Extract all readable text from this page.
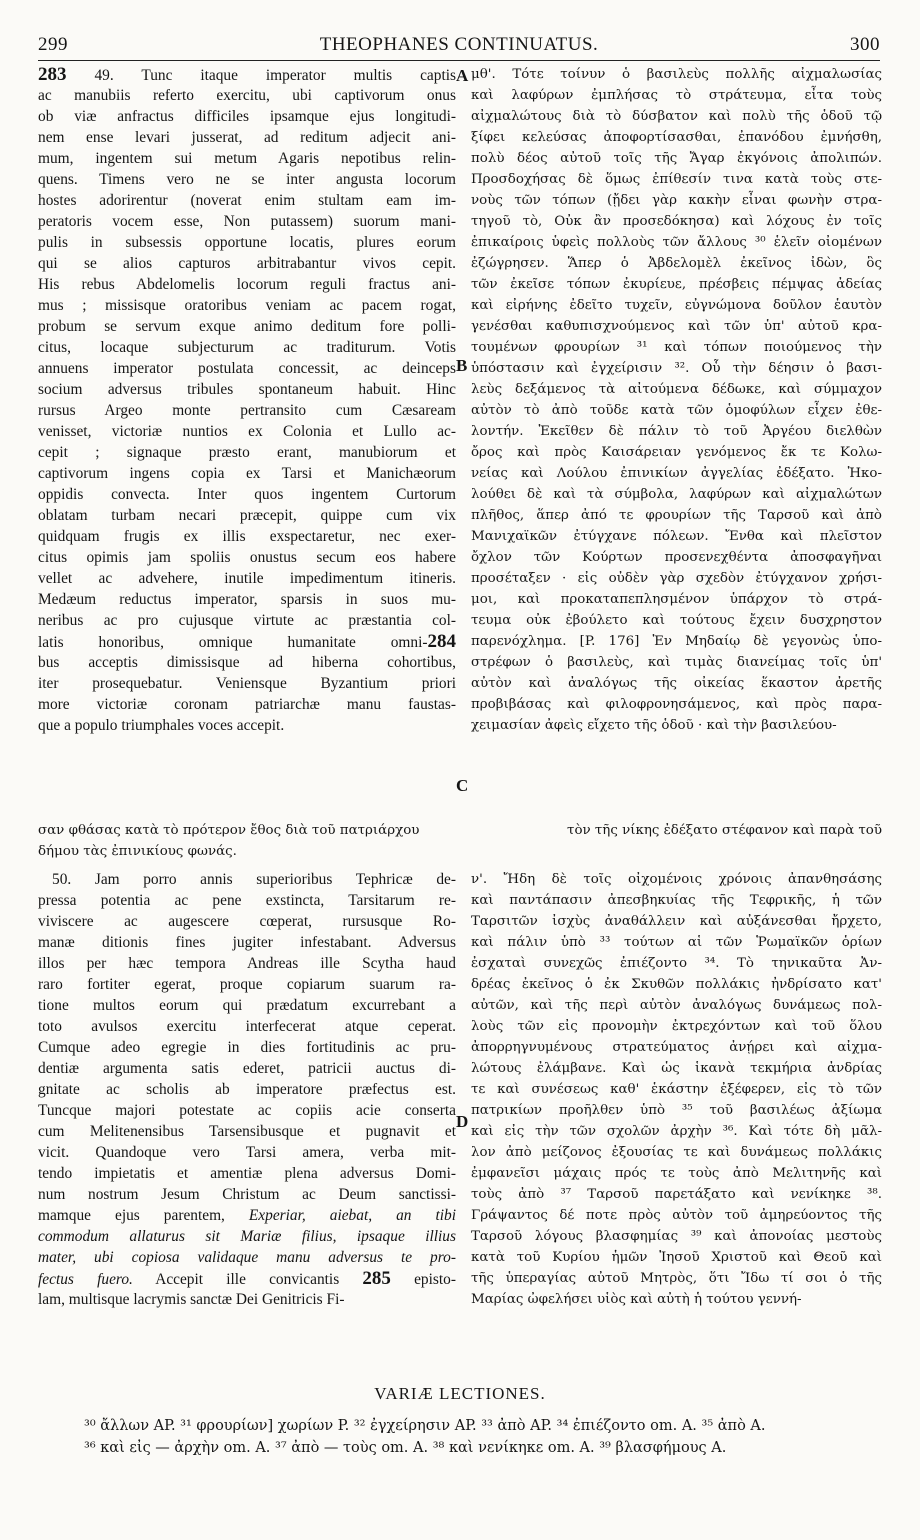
299	THEOPHANES CONTINUATUS.	300
283 49. Tunc itaque imperator multis captis
ac manubiis referto exercitu, ubi captivorum onus
ob viæ anfractus difficiles ipsamque ejus longitudi-
nem ense levari jusserat, ad reditum adjecit ani-
mum, ingentem sui metum Agaris nepotibus relin-
quens. Timens vero ne se inter angusta locorum
hostes adorirentur (noverat enim stultam eam im-
peratoris vocem esse, Non putassem) suorum mani-
pulis in subsessis opportune locatis, plures eorum
qui se alios capturos arbitrabantur vivos cepit.
His rebus Abdelomelis locorum reguli fractus ani-
mus ; missisque oratoribus veniam ac pacem rogat,
probum se servum exque animo deditum fore polli-
citus, locaque subjecturum ac traditurum. Votis
annuens imperator postulata concessit, ac deinceps
socium adversus tribules spontaneum habuit. Hinc
rursus Argeo monte pertransito cum Cæsaream
venisset, victoriæ nuntios ex Colonia et Lullo ac-
cepit ; signaque præsto erant, manubiorum et
captivorum ingens copia ex Tarsi et Manichæorum
oppidis convecta. Inter quos ingentem Curtorum
oblatam turbam necari præcepit, quippe cum vix
quidquam frugis ex illis exspectaretur, nec exer-
citus opimis jam spoliis onustus secum eos habere
vellet ac advehere, inutile impedimentum itineris.
Medæum reductus imperator, sparsis in suos mu-
neribus ac pro cujusque virtute ac præstantia col-
latis honoribus, omnique humanitate omni-284
bus acceptis dimissisque ad hiberna cohortibus,
iter prosequebatur. Veniensque Byzantium priori
more victoriæ coronam patriarchæ manu faustas-
que a populo triumphales voces accepit.
μθ'. Τότε τοίνυν ὁ βασιλεὺς πολλῆς αἰχμαλωσίας
καὶ λαφύρων ἐμπλήσας τὸ στράτευμα, εἶτα τοὺς
αἰχμαλώτους διὰ τὸ δύσβατον καὶ πολὺ τῆς ὁδοῦ τῷ
ξίφει κελεύσας ἀποφορτίσασθαι, ἐπανόδου ἐμνήσθη,
πολὺ δέος αὐτοῦ τοῖς τῆς Ἄγαρ ἐκγόνοις ἀπολιπών.
Προσδοχήσας δὲ ὅμως ἐπίθεσίν τινα κατὰ τοὺς στε-
νοὺς τῶν τόπων (ᾔδει γὰρ κακὴν εἶναι φωνὴν στρα-
τηγοῦ τὸ, Οὐκ ἂν προσεδόκησα) καὶ λόχους ἐν τοῖς
ἐπικαίροις ὑφεὶς πολλοὺς τῶν ἄλλους ³⁰ ἑλεῖν οἰομένων
ἐζώγρησεν. Ἅπερ ὁ Ἀβδελομὲλ ἐκεῖνος ἰδὼν, ὃς
τῶν ἐκεῖσε τόπων ἐκυρίευε, πρέσβεις πέμψας ἀδείας
καὶ εἰρήνης ἐδεῖτο τυχεῖν, εὐγνώμονα δοῦλον ἑαυτὸν
γενέσθαι καθυπισχνούμενος καὶ τῶν ὑπ' αὐτοῦ κρα-
τουμένων φρουρίων ³¹ καὶ τόπων ποιούμενος τὴν
ὑπόστασιν καὶ ἐγχείρισιν ³². Οὗ τὴν δέησιν ὁ βασι-
λεὺς δεξάμενος τὰ αἰτούμενα δέδωκε, καὶ σύμμαχον
αὐτὸν τὸ ἀπὸ τοῦδε κατὰ τῶν ὁμοφύλων εἶχεν ἐθε-
λοντήν. Ἐκεῖθεν δὲ πάλιν τὸ τοῦ Ἀργέου διελθὼν
ὄρος καὶ πρὸς Καισάρειαν γενόμενος ἔκ τε Κολω-
νείας καὶ Λούλου ἐπινικίων ἀγγελίας ἐδέξατο. Ἠκο-
λούθει δὲ καὶ τὰ σύμβολα, λαφύρων καὶ αἰχμαλώτων
πλῆθος, ἅπερ ἀπό τε φρουρίων τῆς Ταρσοῦ καὶ ἀπὸ
Μανιχαϊκῶν ἐτύγχανε πόλεων. Ἔνθα καὶ πλεῖστον
ὄχλον τῶν Κούρτων προσενεχθέντα ἀποσφαγῆναι
προσέταξεν · εἰς οὐδὲν γὰρ σχεδὸν ἐτύγχανον χρήσι-
μοι, καὶ προκαταπεπλησμένον ὑπάρχον τὸ στρά-
τευμα οὐκ ἐβούλετο καὶ τούτους ἔχειν δυσχρηστον
παρενόχλημα. [P. 176] Ἐν Μηδαίῳ δὲ γεγονὼς ὑπο-
στρέφων ὁ βασιλεὺς, καὶ τιμὰς διανείμας τοῖς ὑπ'
αὐτὸν καὶ ἀναλόγως τῆς οἰκείας ἕκαστον ἀρετῆς
προβιβάσας καὶ φιλοφρονησάμενος, καὶ πρὸς παρα-
χειμασίαν ἀφεὶς εἴχετο τῆς ὁδοῦ · καὶ τὴν βασιλεύου-
A
B
C
D
σαν φθάσας κατὰ τὸ πρότερον ἔθος διὰ τοῦ πατριάρχου	τὸν τῆς νίκης ἐδέξατο στέφανον καὶ παρὰ τοῦ
δήμου τὰς ἐπινικίους φωνάς.
50. Jam porro annis superioribus Tephricæ de-
pressa potentia ac pene exstincta, Tarsitarum re-
viviscere ac augescere cœperat, rursusque Ro-
manæ ditionis fines jugiter infestabant. Adversus
illos per hæc tempora Andreas ille Scytha haud
raro fortiter egerat, proque copiarum suarum ra-
tione multos eorum qui prædatum excurrebant a
toto avulsos exercitu interfecerat atque ceperat.
Cumque adeo egregie in dies fortitudinis ac pru-
dentiæ argumenta satis ederet, patricii auctus di-
gnitate ac scholis ab imperatore præfectus est.
Tuncque majori potestate ac copiis acie conserta
cum Melitenensibus Tarsensibusque et pugnavit et
vicit. Quandoque vero Tarsi amera, verba mit-
tendo impietatis et amentiæ plena adversus Domi-
num nostrum Jesum Christum ac Deum sanctissi-
mamque ejus parentem, Experiar, aiebat, an tibi
commodum allaturus sit Mariæ filius, ipsaque illius
mater, ubi copiosa validaque manu adversus te pro-
fectus fuero. Accepit ille convicantis 285 episto-
lam, multisque lacrymis sanctæ Dei Genitricis Fi-
ν'. Ἤδη δὲ τοῖς οἰχομένοις χρόνοις ἀπανθησάσης
καὶ παντάπασιν ἀπεσβηκυίας τῆς Τεφρικῆς, ἡ τῶν
Ταρσιτῶν ἰσχὺς ἀναθάλλειν καὶ αὐξάνεσθαι ἤρχετο,
καὶ πάλιν ὑπὸ ³³ τούτων αἱ τῶν Ῥωμαϊκῶν ὁρίων
ἐσχαταὶ συνεχῶς ἐπιέζοντο ³⁴. Τὸ τηνικαῦτα Ἀν-
δρέας ἐκεῖνος ὁ ἐκ Σκυθῶν πολλάκις ἠνδρίσατο κατ'
αὐτῶν, καὶ τῆς περὶ αὐτὸν ἀναλόγως δυνάμεως πολ-
λοὺς τῶν εἰς προνομὴν ἐκτρεχόντων καὶ τοῦ ὅλου
ἀπορρηγνυμένους στρατεύματος ἀνῄρει καὶ αἰχμα-
λώτους ἐλάμβανε. Καὶ ὡς ἱκανὰ τεκμήρια ἀνδρίας
τε καὶ συνέσεως καθ' ἑκάστην ἐξέφερεν, εἰς τὸ τῶν
πατρικίων προῆλθεν ὑπὸ ³⁵ τοῦ βασιλέως ἀξίωμα
καὶ εἰς τὴν τῶν σχολῶν ἀρχὴν ³⁶. Καὶ τότε δὴ μᾶλ-
λον ἀπὸ μείζονος ἐξουσίας τε καὶ δυνάμεως πολλάκις
ἐμφανεῖσι μάχαις πρός τε τοὺς ἀπὸ Μελιτηνῆς καὶ
τοὺς ἀπὸ ³⁷ Ταρσοῦ παρετάξατο καὶ νενίκηκε ³⁸.
Γράψαντος δέ ποτε πρὸς αὐτὸν τοῦ ἀμηρεύοντος τῆς
Ταρσοῦ λόγους βλασφημίας ³⁹ καὶ ἀπονοίας μεστοὺς
κατὰ τοῦ Κυρίου ἡμῶν Ἰησοῦ Χριστοῦ καὶ Θεοῦ καὶ
τῆς ὑπεραγίας αὐτοῦ Μητρὸς, ὅτι Ἴδω τί σοι ὁ τῆς
Μαρίας ὠφελήσει υἱὸς καὶ αὐτὴ ἡ τούτου γεννή-
VARIÆ LECTIONES.
³⁰ ἄλλων AP. ³¹ φρουρίων] χωρίων P. ³² ἐγχείρησιν AP. ³³ ἀπὸ AP. ³⁴ ἐπιέζοντο om. A. ³⁵ ἀπὸ A.
³⁶ καὶ εἰς — ἀρχὴν om. A. ³⁷ ἀπὸ — τοὺς om. A. ³⁸ καὶ νενίκηκε om. A. ³⁹ βλασφήμους A.
